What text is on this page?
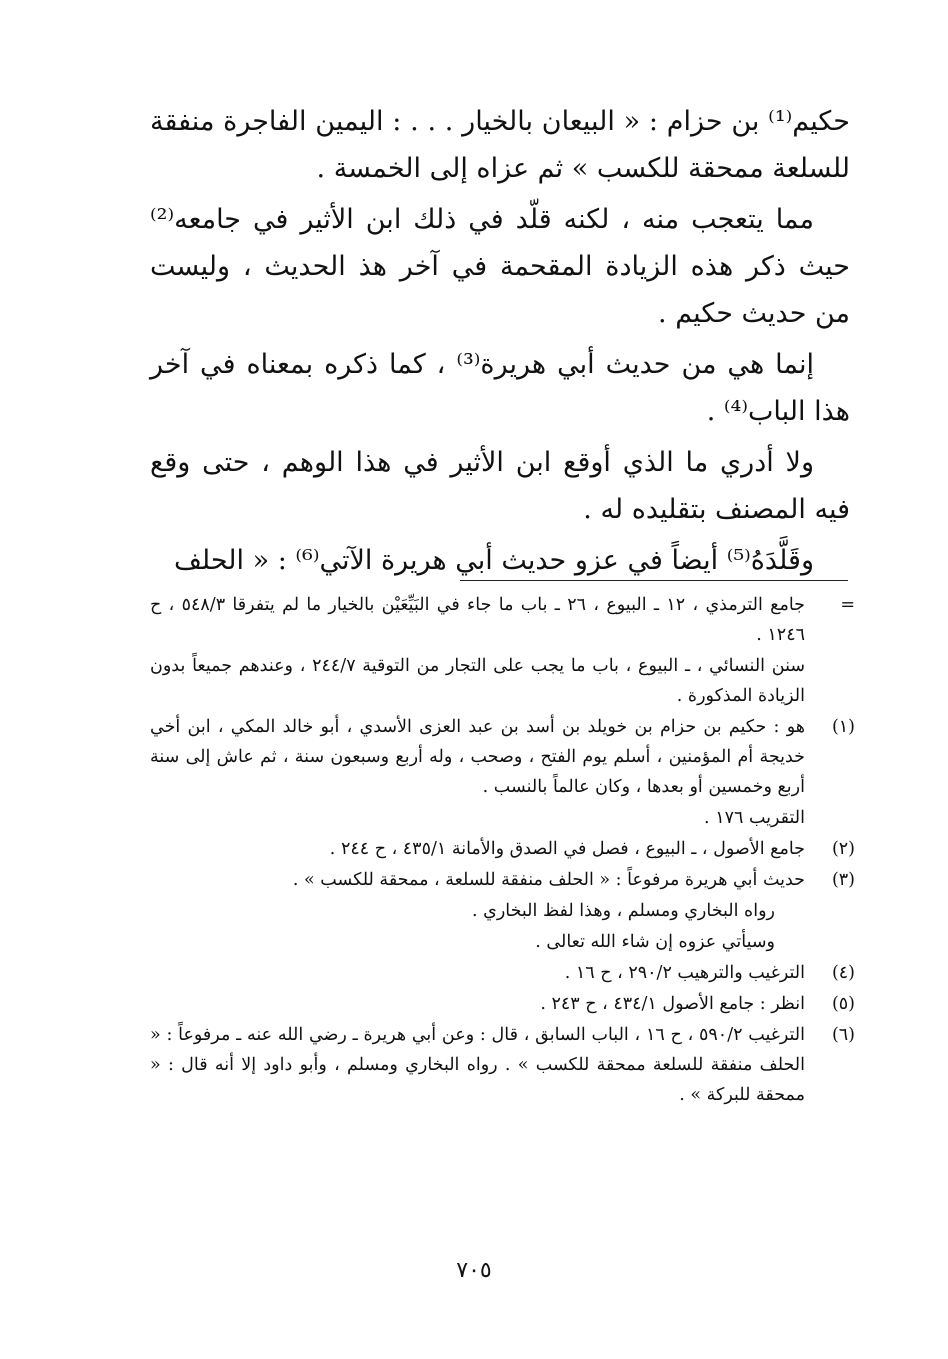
حكيم⁽¹⁾ بن حزام : « البيعان بالخيار . . . : اليمين الفاجرة منفقة للسلعة ممحقة للكسب » ثم عزاه إلى الخمسة .

مما يتعجب منه ، لكنه قلّد في ذلك ابن الأثير في جامعه⁽²⁾ حيث ذكر هذه الزيادة المقحمة في آخر هذ الحديث ، وليست من حديث حكيم .

إنما هي من حديث أبي هريرة⁽³⁾ ، كما ذكره بمعناه في آخر هذا الباب⁽⁴⁾ .

ولا أدري ما الذي أوقع ابن الأثير في هذا الوهم ، حتى وقع فيه المصنف بتقليده له .

وقَلَّدَهُ⁽⁵⁾ أيضاً في عزو حديث أبي هريرة الآتي⁽⁶⁾ : « الحلف

=
جامع الترمذي ، ١٢ ـ البيوع ، ٢٦ ـ باب ما جاء في البَيِّعَيْن بالخيار ما لم يتفرقا ٥٤٨/٣ ، ح ١٢٤٦ .
سنن النسائي ، ـ البيوع ، باب ما يجب على التجار من التوقية ٢٤٤/٧ ، وعندهم جميعاً بدون الزيادة المذكورة .
(١)
هو : حكيم بن حزام بن خويلد بن أسد بن عبد العزى الأسدي ، أبو خالد المكي ، ابن أخي خديجة أم المؤمنين ، أسلم يوم الفتح ، وصحب ، وله أربع وسبعون سنة ، ثم عاش إلى سنة أربع وخمسين أو بعدها ، وكان عالماً بالنسب .
التقريب ١٧٦ .
(٢)
جامع الأصول ، ـ البيوع ، فصل في الصدق والأمانة ٤٣٥/١ ، ح ٢٤٤ .
(٣)
حديث أبي هريرة مرفوعاً : « الحلف منفقة للسلعة ، ممحقة للكسب » .
رواه البخاري ومسلم ، وهذا لفظ البخاري .
وسيأتي عزوه إن شاء الله تعالى .
(٤)
الترغيب والترهيب ٢٩٠/٢ ، ح ١٦ .
(٥)
انظر : جامع الأصول ٤٣٤/١ ، ح ٢٤٣ .
(٦)
الترغيب ٥٩٠/٢ ، ح ١٦ ، الباب السابق ، قال : وعن أبي هريرة ـ رضي الله عنه ـ مرفوعاً : « الحلف منفقة للسلعة ممحقة للكسب » . رواه البخاري ومسلم ، وأبو داود إلا أنه قال : « ممحقة للبركة » .
٧٠٥
